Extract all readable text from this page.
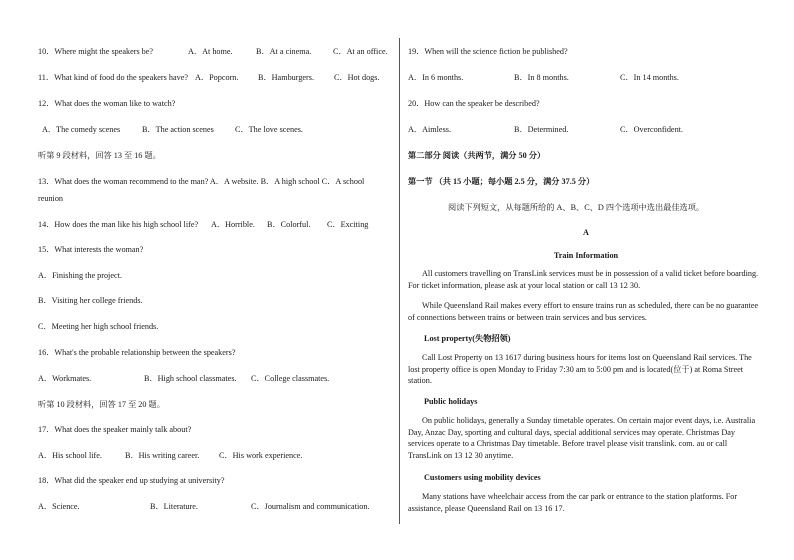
10．Where might the speakers be?	A．At home.	B．At a cinema.	C．At an office.
11．What kind of food do the speakers have? A．Popcorn. B．Hamburgers. C．Hot dogs.
12．What does the woman like to watch?
A．The comedy scenes	B．The action scenes	C．The love scenes.
听第 9 段材料，回答 13 至 16 题。
13．What does the woman recommend to the man? A．A website. B．A high school C．A school
reunion
14．How does the man like his high school life? A．Horrible. B．Colorful. C．Exciting
15．What interests the woman?
A．Finishing the project.
B．Visiting her college friends.
C．Meeting her high school friends.
16．What's the probable relationship between the speakers?
A．Workmates.	B．High school classmates. C．College classmates.
听第 10 段材料，回答 17 至 20 题。
17．What does the speaker mainly talk about?
A．His school life.	B．His writing career. C．His work experience.
18．What did the speaker end up studying at university?
A．Science.	B．Literature.	C．Journalism and communication.
19．When will the science fiction be published?
A．In 6 months.	B．In 8 months.	C．In 14 months.
20．How can the speaker be described?
A．Aimless.	B．Determined.	C．Overconfident.
第二部分 阅读（共两节，满分 50 分）
第一节 （共 15 小题；每小题 2.5 分，满分 37.5 分）
阅读下列短文，从每题所给的 A、B、C、D 四个选项中选出最佳选项。
A
Train Information
All customers travelling on TransLink services must be in possession of a valid ticket before boarding. For ticket information, please ask at your local station or call 13 12 30.
While Queensland Rail makes every effort to ensure trains run as scheduled, there can be no guarantee of connections between trains or between train services and bus services.
Lost property(失物招领)
Call Lost Property on 13 1617 during business hours for items lost on Queensland Rail services. The lost property office is open Monday to Friday 7:30 am to 5:00 pm and is located(位于) at Roma Street station.
Public holidays
On public holidays, generally a Sunday timetable operates. On certain major event days, i.e. Australia Day, Anzac Day, sporting and cultural days, special additional services may operate. Christmas Day services operate to a Christmas Day timetable. Before travel please visit translink. com. au or call TransLink on 13 12 30 anytime.
Customers using mobility devices
Many stations have wheelchair access from the car park or entrance to the station platforms. For assistance, please Queensland Rail on 13 16 17.
